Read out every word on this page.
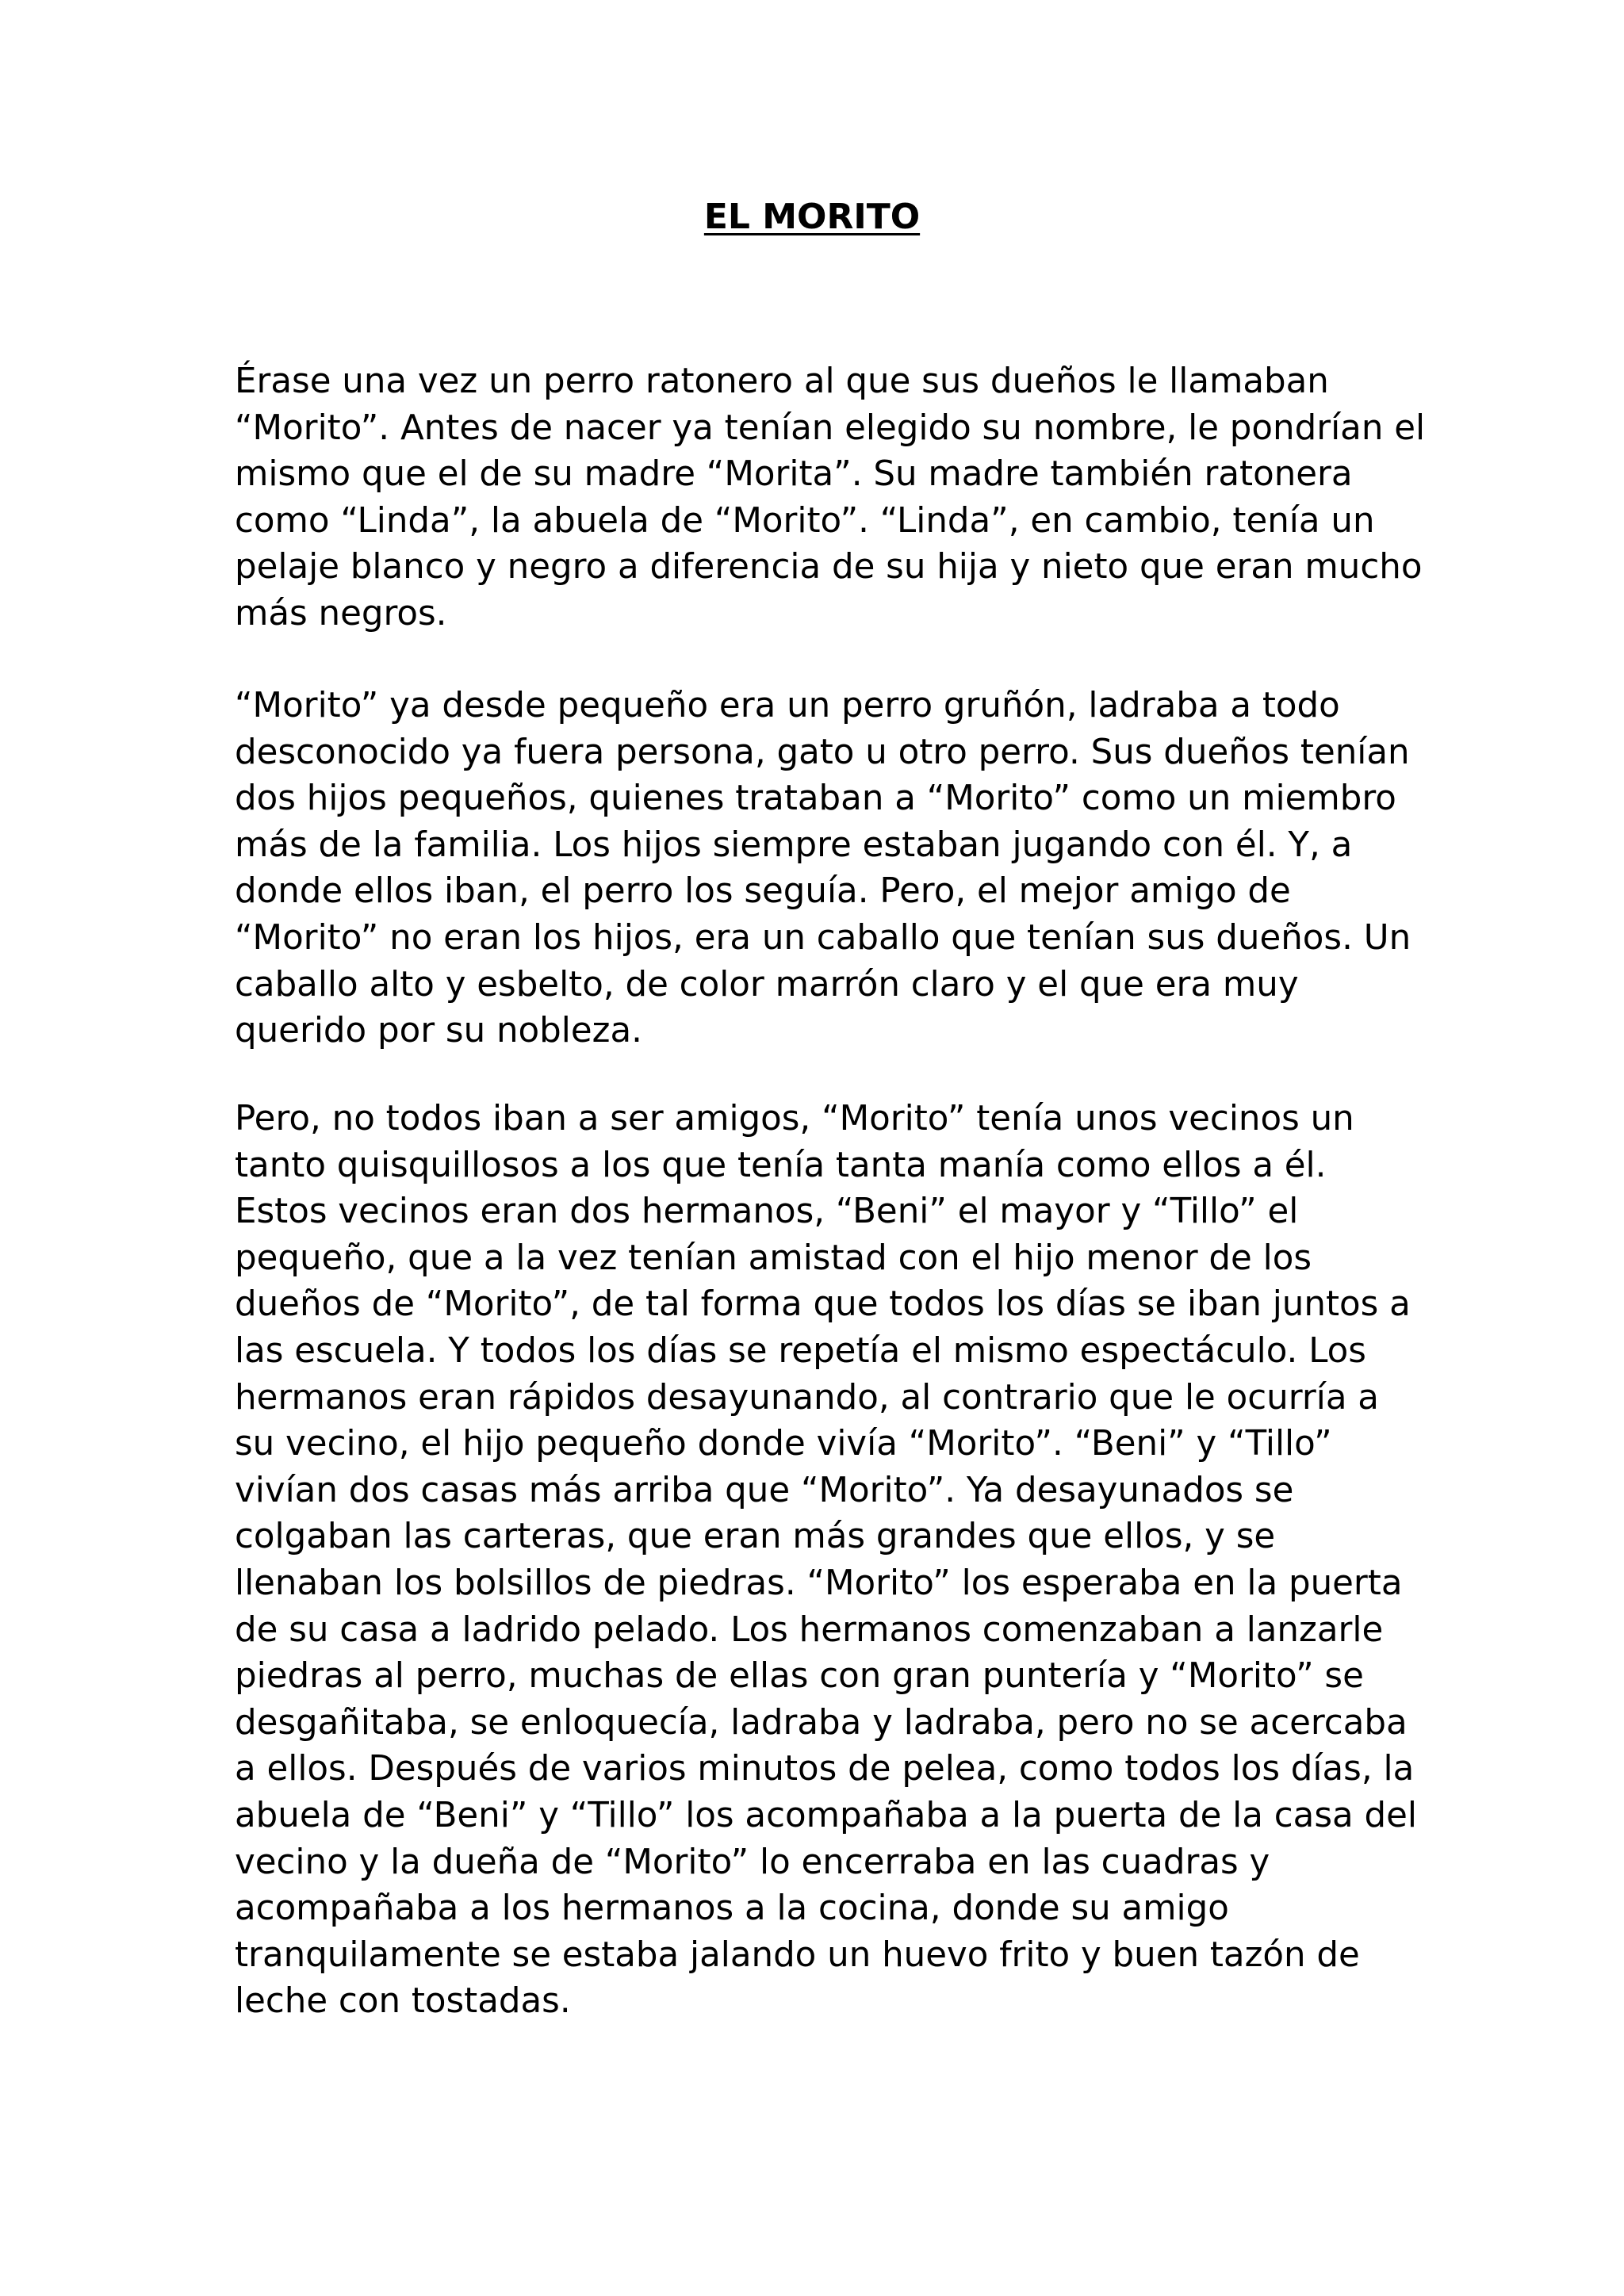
EL MORITO
Érase una vez un perro ratonero al que sus dueños le llamaban
“Morito”. Antes de nacer ya tenían elegido su nombre, le pondrían el
mismo que el de su madre “Morita”. Su madre también ratonera
como “Linda”, la abuela de “Morito”. “Linda”, en cambio, tenía un
pelaje blanco y negro a diferencia de su hija y nieto que eran mucho
más negros.
“Morito” ya desde pequeño era un perro gruñón, ladraba a todo
desconocido ya fuera persona, gato u otro perro. Sus dueños tenían
dos hijos pequeños, quienes trataban a “Morito” como un miembro
más de la familia. Los hijos siempre estaban jugando con él. Y, a
donde ellos iban, el perro los seguía. Pero, el mejor amigo de
“Morito” no eran los hijos, era un caballo que tenían sus dueños. Un
caballo alto y esbelto, de color marrón claro y el que era muy
querido por su nobleza.
Pero, no todos iban a ser amigos, “Morito” tenía unos vecinos un
tanto quisquillosos a los que tenía tanta manía como ellos a él.
Estos vecinos eran dos hermanos, “Beni” el mayor y “Tillo” el
pequeño, que a la vez tenían amistad con el hijo menor de los
dueños de “Morito”, de tal forma que todos los días se iban juntos a
las escuela. Y todos los días se repetía el mismo espectáculo. Los
hermanos eran rápidos desayunando, al contrario que le ocurría a
su vecino, el hijo pequeño donde vivía “Morito”. “Beni” y “Tillo”
vivían dos casas más arriba que “Morito”. Ya desayunados se
colgaban las carteras, que eran más grandes que ellos, y se
llenaban los bolsillos de piedras. “Morito” los esperaba en la puerta
de su casa a ladrido pelado. Los hermanos comenzaban a lanzarle
piedras al perro, muchas de ellas con gran puntería y “Morito” se
desgañitaba, se enloquecía, ladraba y ladraba, pero no se acercaba
a ellos. Después de varios minutos de pelea, como todos los días, la
abuela de “Beni” y “Tillo” los acompañaba a la puerta de la casa del
vecino y la dueña de “Morito” lo encerraba en las cuadras y
acompañaba a los hermanos a la cocina, donde su amigo
tranquilamente se estaba jalando un huevo frito y buen tazón de
leche con tostadas.
